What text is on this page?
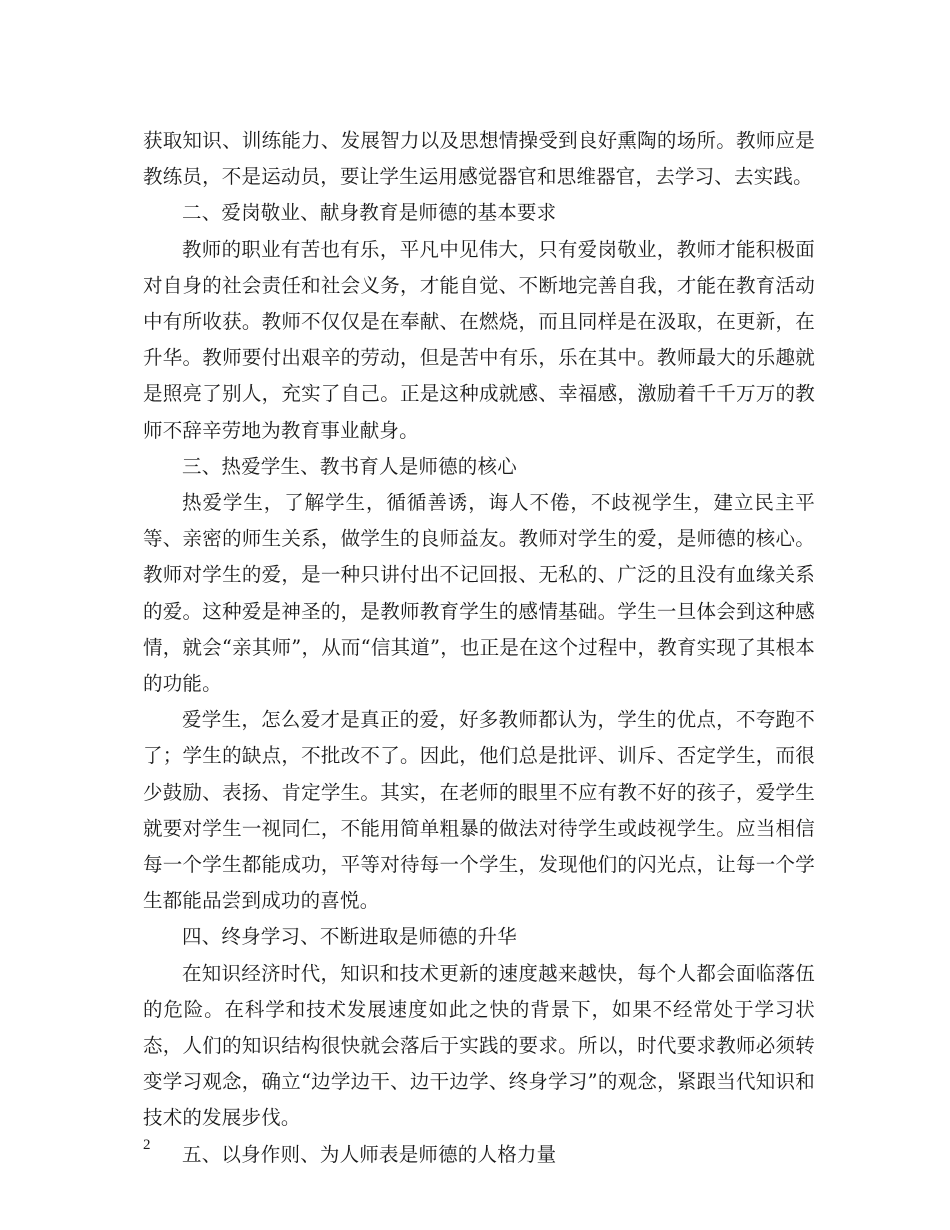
获取知识、训练能力、发展智力以及思想情操受到良好熏陶的场所。教师应是教练员，不是运动员，要让学生运用感觉器官和思维器官，去学习、去实践。

二、爱岗敬业、献身教育是师德的基本要求

教师的职业有苦也有乐，平凡中见伟大，只有爱岗敬业，教师才能积极面对自身的社会责任和社会义务，才能自觉、不断地完善自我，才能在教育活动中有所收获。教师不仅仅是在奉献、在燃烧，而且同样是在汲取，在更新，在升华。教师要付出艰辛的劳动，但是苦中有乐，乐在其中。教师最大的乐趣就是照亮了别人，充实了自己。正是这种成就感、幸福感，激励着千千万万的教师不辞辛劳地为教育事业献身。

三、热爱学生、教书育人是师德的核心

热爱学生，了解学生，循循善诱，诲人不倦，不歧视学生，建立民主平等、亲密的师生关系，做学生的良师益友。教师对学生的爱，是师德的核心。教师对学生的爱，是一种只讲付出不记回报、无私的、广泛的且没有血缘关系的爱。这种爱是神圣的，是教师教育学生的感情基础。学生一旦体会到这种感情，就会“亲其师”，从而“信其道”，也正是在这个过程中，教育实现了其根本的功能。

爱学生，怎么爱才是真正的爱，好多教师都认为，学生的优点，不夸跑不了；学生的缺点，不批改不了。因此，他们总是批评、训斥、否定学生，而很少鼓励、表扬、肯定学生。其实，在老师的眼里不应有教不好的孩子，爱学生就要对学生一视同仁，不能用简单粗暴的做法对待学生或歧视学生。应当相信每一个学生都能成功，平等对待每一个学生，发现他们的闪光点，让每一个学生都能品尝到成功的喜悦。

四、终身学习、不断进取是师德的升华

在知识经济时代，知识和技术更新的速度越来越快，每个人都会面临落伍的危险。在科学和技术发展速度如此之快的背景下，如果不经常处于学习状态，人们的知识结构很快就会落后于实践的要求。所以，时代要求教师必须转变学习观念，确立“边学边干、边干边学、终身学习”的观念，紧跟当代知识和技术的发展步伐。

五、以身作则、为人师表是师德的人格力量

2
